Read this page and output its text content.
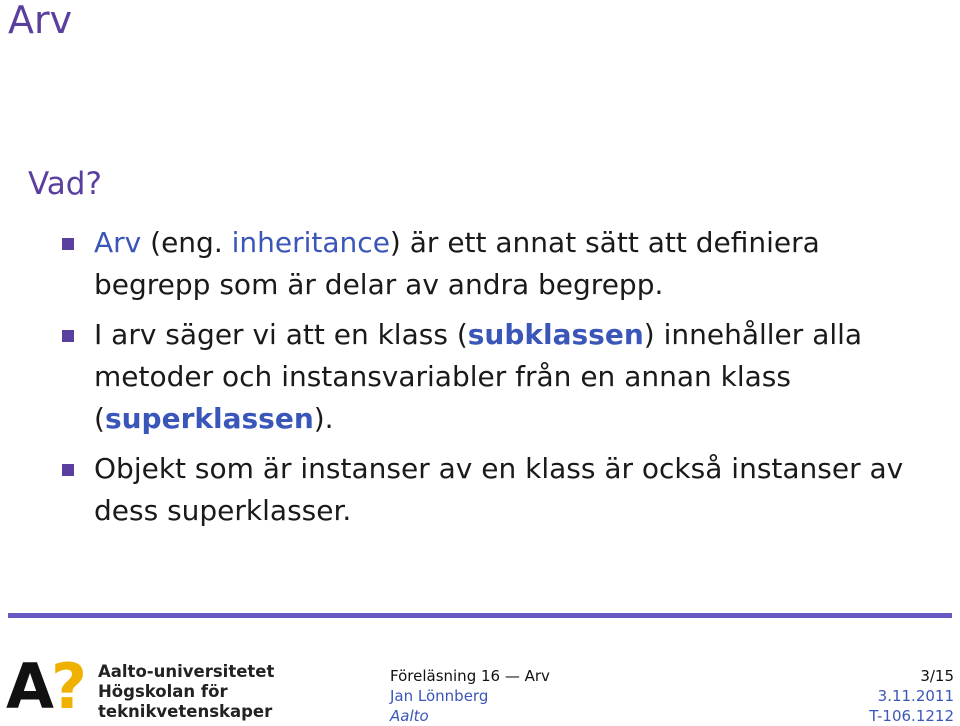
Arv
Vad?
Arv (eng. inheritance) är ett annat sätt att definiera begrepp som är delar av andra begrepp.
I arv säger vi att en klass (subklassen) innehåller alla metoder och instansvariabler från en annan klass (superklassen).
Objekt som är instanser av en klass är också instanser av dess superklasser.
A? Aalto-universitetet
Högskolan för
teknikvetenskaper
Föreläsning 16 — Arv
Jan Lönnberg
Aalto
3/15
3.11.2011
T-106.1212
